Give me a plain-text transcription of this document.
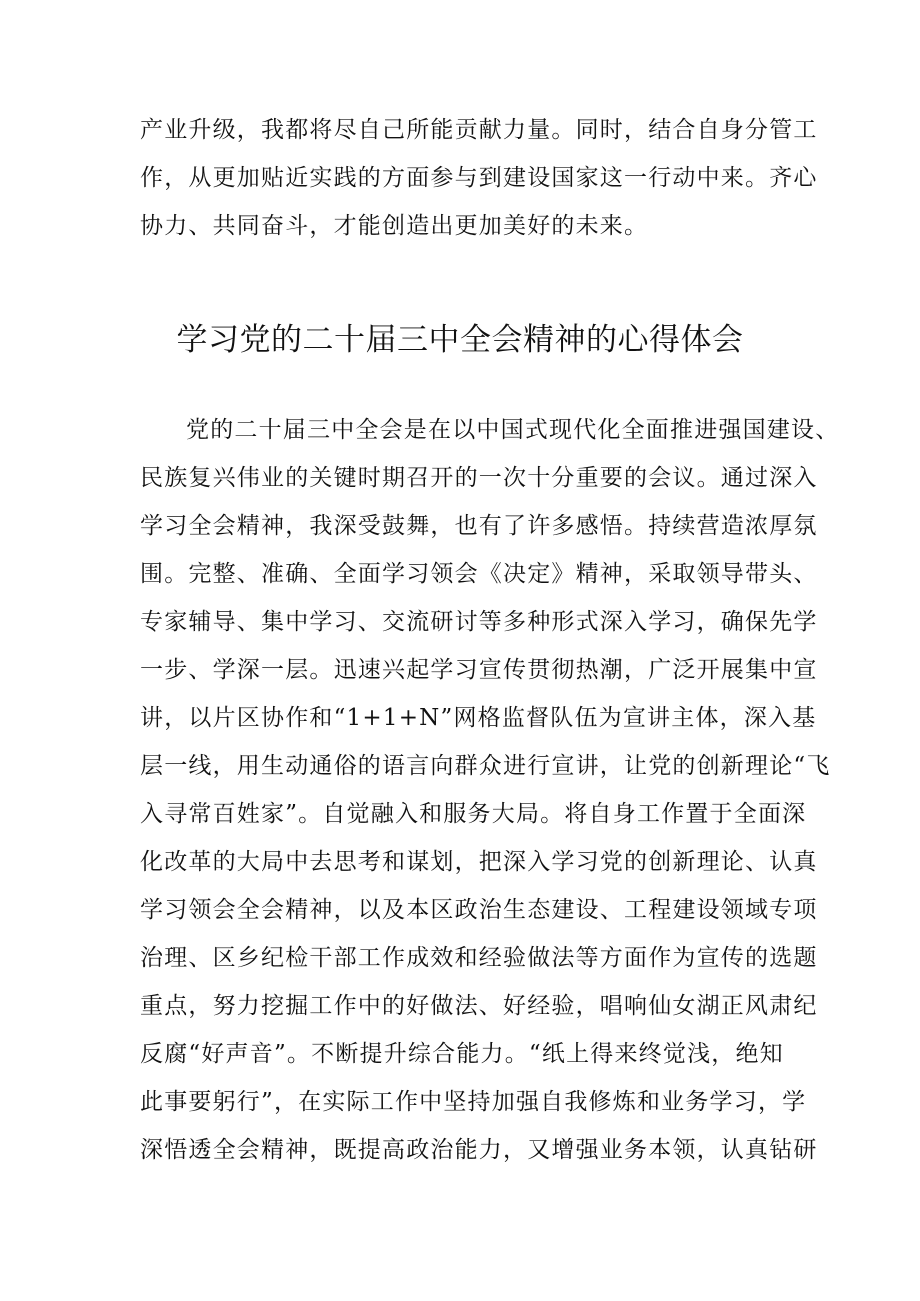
产业升级，我都将尽自己所能贡献力量。同时，结合自身分管工
作，从更加贴近实践的方面参与到建设国家这一行动中来。齐心
协力、共同奋斗，才能创造出更加美好的未来。
学习党的二十届三中全会精神的心得体会
党的二十届三中全会是在以中国式现代化全面推进强国建设、
民族复兴伟业的关键时期召开的一次十分重要的会议。通过深入
学习全会精神，我深受鼓舞，也有了许多感悟。持续营造浓厚氛
围。完整、准确、全面学习领会《决定》精神，采取领导带头、
专家辅导、集中学习、交流研讨等多种形式深入学习，确保先学
一步、学深一层。迅速兴起学习宣传贯彻热潮，广泛开展集中宣
讲，以片区协作和“1+1+N”网格监督队伍为宣讲主体，深入基
层一线，用生动通俗的语言向群众进行宣讲，让党的创新理论“飞
入寻常百姓家”。自觉融入和服务大局。将自身工作置于全面深
化改革的大局中去思考和谋划，把深入学习党的创新理论、认真
学习领会全会精神，以及本区政治生态建设、工程建设领域专项
治理、区乡纪检干部工作成效和经验做法等方面作为宣传的选题
重点，努力挖掘工作中的好做法、好经验，唱响仙女湖正风肃纪
反腐“好声音”。不断提升综合能力。“纸上得来终觉浅，绝知
此事要躬行”，在实际工作中坚持加强自我修炼和业务学习，学
深悟透全会精神，既提高政治能力，又增强业务本领，认真钻研
